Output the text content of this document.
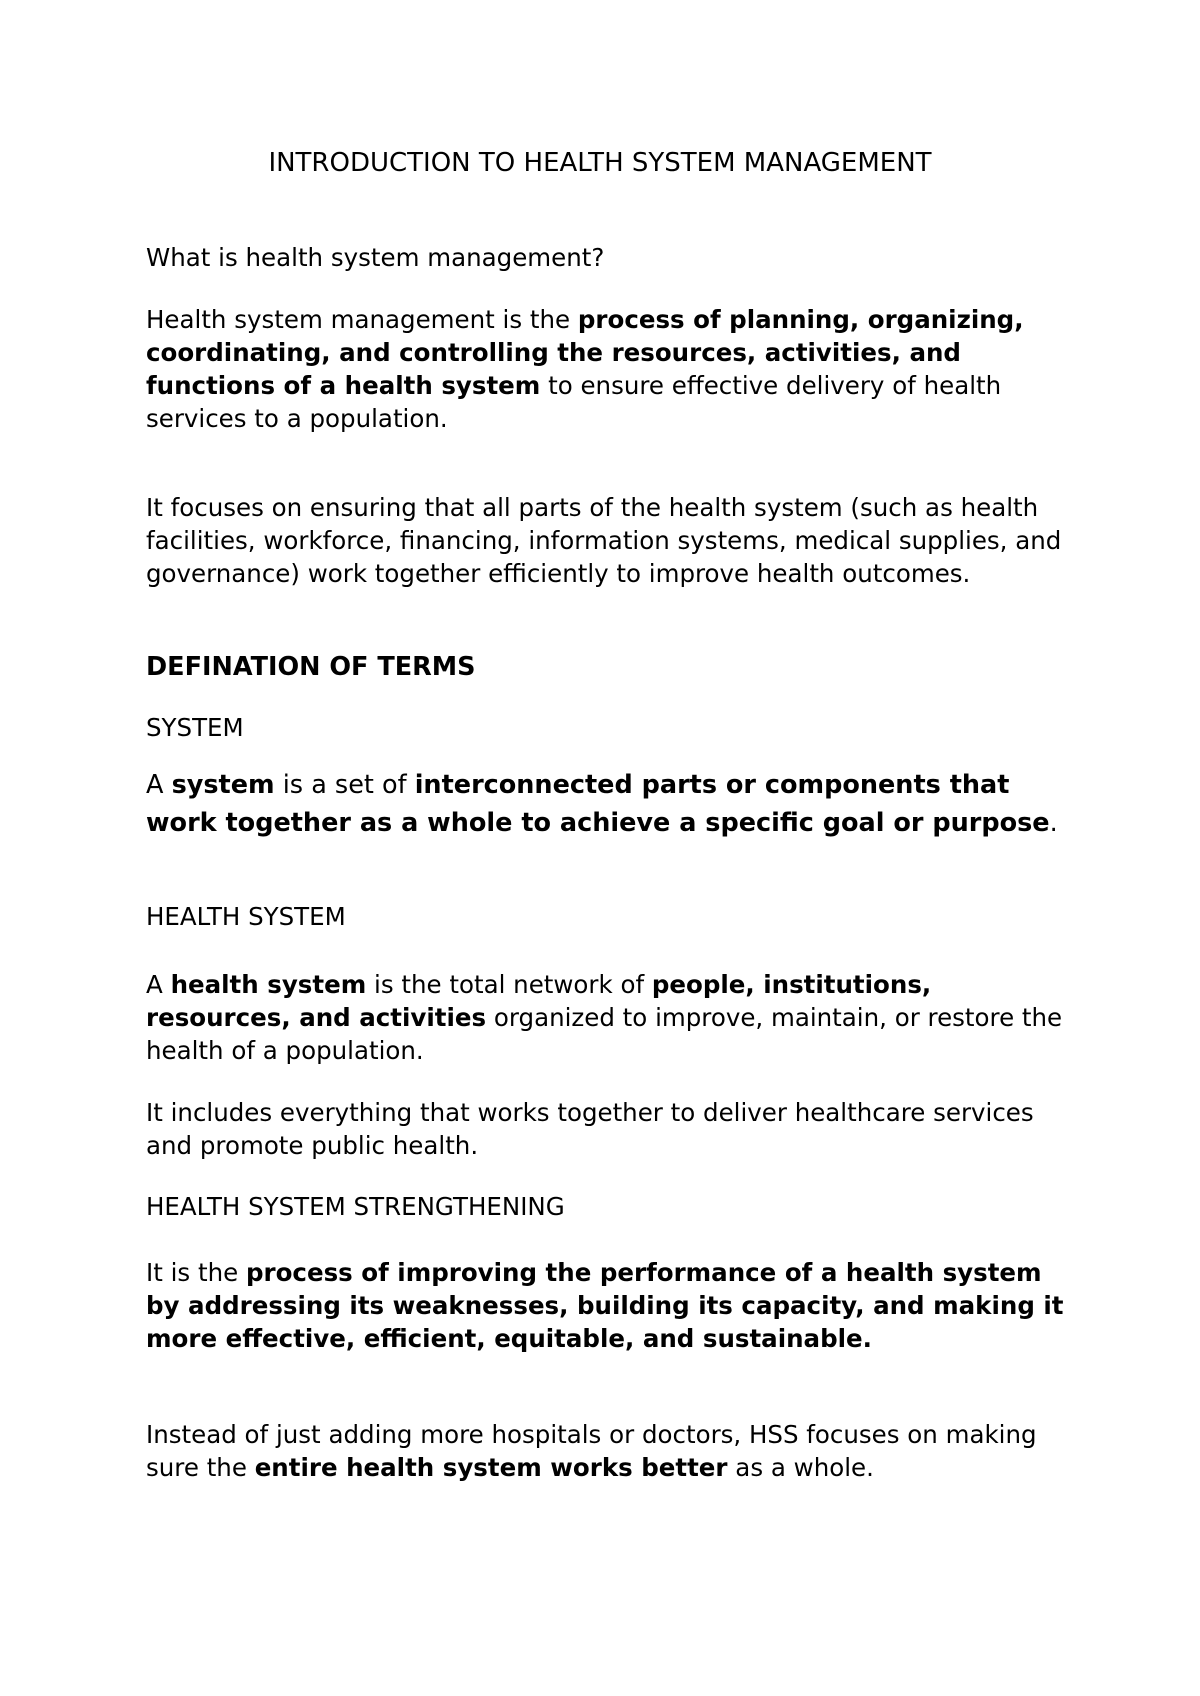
INTRODUCTION TO HEALTH SYSTEM MANAGEMENT

What is health system management?

Health system management is the process of planning, organizing, coordinating, and controlling the resources, activities, and functions of a health system to ensure effective delivery of health services to a population.

It focuses on ensuring that all parts of the health system (such as health facilities, workforce, financing, information systems, medical supplies, and governance) work together efficiently to improve health outcomes.

DEFINATION OF TERMS

SYSTEM

A system is a set of interconnected parts or components that work together as a whole to achieve a specific goal or purpose.

HEALTH SYSTEM

A health system is the total network of people, institutions, resources, and activities organized to improve, maintain, or restore the health of a population.

It includes everything that works together to deliver healthcare services and promote public health.

HEALTH SYSTEM STRENGTHENING

It is the process of improving the performance of a health system by addressing its weaknesses, building its capacity, and making it more effective, efficient, equitable, and sustainable.

Instead of just adding more hospitals or doctors, HSS focuses on making sure the entire health system works better as a whole.
